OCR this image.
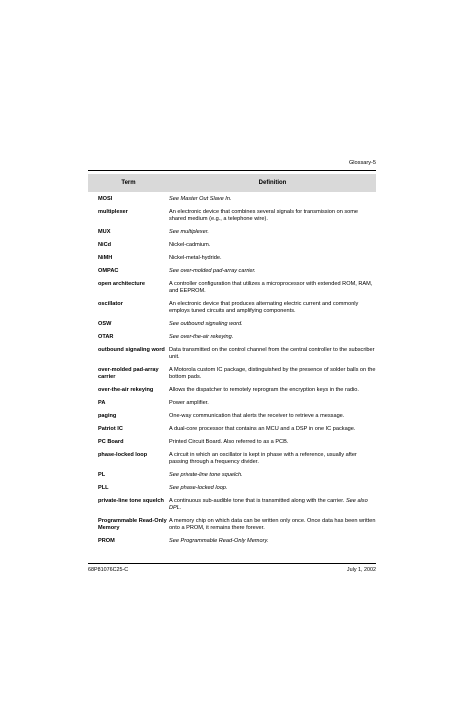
Glossary-5
Term	Definition
MOSI	See Master Out Slave In.
multiplexer	An electronic device that combines several signals for transmission on some shared medium (e.g., a telephone wire).
MUX	See multiplexer.
NiCd	Nickel-cadmium.
NiMH	Nickel-metal-hydride.
OMPAC	See over-molded pad-array carrier.
open architecture	A controller configuration that utilizes a microprocessor with extended ROM, RAM, and EEPROM.
oscillator	An electronic device that produces alternating electric current and commonly employs tuned circuits and amplifying components.
OSW	See outbound signaling word.
OTAR	See over-the-air rekeying.
outbound signaling word	Data transmitted on the control channel from the central controller to the subscriber unit.
over-molded pad-array carrier	A Motorola custom IC package, distinguished by the presence of solder balls on the bottom pads.
over-the-air rekeying	Allows the dispatcher to remotely reprogram the encryption keys in the radio.
PA	Power amplifier.
paging	One-way communication that alerts the receiver to retrieve a message.
Patriot IC	A dual-core processor that contains an MCU and a DSP in one IC package.
PC Board	Printed Circuit Board. Also referred to as a PCB.
phase-locked loop	A circuit in which an oscillator is kept in phase with a reference, usually after passing through a frequency divider.
PL	See private-line tone squelch.
PLL	See phase-locked loop.
private-line tone squelch	A continuous sub-audible tone that is transmitted along with the carrier. See also DPL.
Programmable Read-Only Memory	A memory chip on which data can be written only once. Once data has been written onto a PROM, it remains there forever.
PROM	See Programmable Read-Only Memory.
68P81076C25-C	July 1, 2002
